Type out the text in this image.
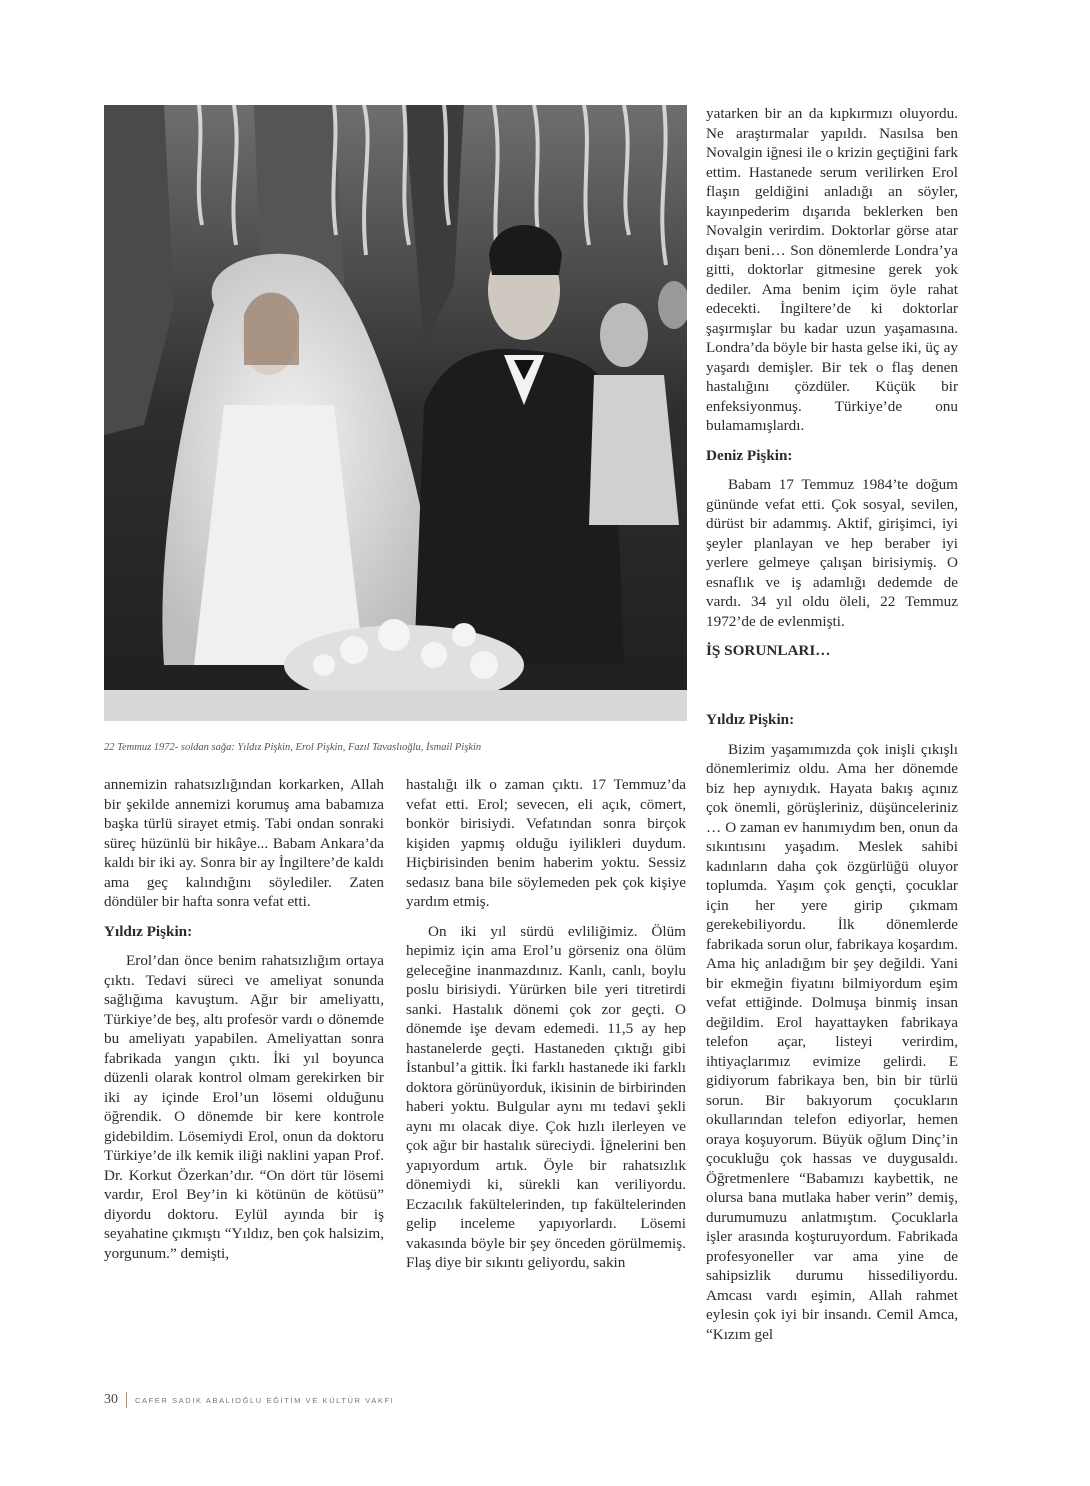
22 Temmuz 1972- soldan sağa: Yıldız Pişkin, Erol Pişkin, Fazıl Tavaslıoğlu, İsmail Pişkin

yatarken bir an da kıpkırmızı oluyordu. Ne araştırmalar yapıldı. Nasılsa ben Novalgin iğnesi ile o krizin geçtiğini fark ettim. Hastanede serum verilirken Erol flaşın geldiğini anladığı an söyler, kayınpederim dışarıda beklerken ben Novalgin verirdim. Doktorlar görse atar dışarı beni… Son dönemlerde Londra’ya gitti, doktorlar gitmesine gerek yok dediler. Ama benim içim öyle rahat edecekti. İngiltere’de ki doktorlar şaşırmışlar bu kadar uzun yaşamasına. Londra’da böyle bir hasta gelse iki, üç ay yaşardı demişler. Bir tek o flaş denen hastalığını çözdüler. Küçük bir enfeksiyonmuş. Türkiye’de onu bulamamışlardı.

Deniz Pişkin:

Babam 17 Temmuz 1984’te doğum gününde vefat etti. Çok sosyal, sevilen, dürüst bir adammış. Aktif, girişimci, iyi şeyler planlayan ve hep beraber iyi yerlere gelmeye çalışan birisiymiş. O esnaflık ve iş adamlığı dedemde de vardı. 34 yıl oldu öleli, 22 Temmuz 1972’de de evlenmişti.

İŞ SORUNLARI…
Yıldız Pişkin:

Bizim yaşamımızda çok inişli çıkışlı dönemlerimiz oldu. Ama her dönemde biz hep aynıydık. Hayata bakış açınız çok önemli, görüşleriniz, düşünceleriniz … O zaman ev hanımıydım ben, onun da sıkıntısını yaşadım. Meslek sahibi kadınların daha çok özgürlüğü oluyor toplumda. Yaşım çok gençti, çocuklar için her yere girip çıkmam gerekebiliyordu. İlk dönemlerde fabrikada sorun olur, fabrikaya koşardım. Ama hiç anladığım bir şey değildi. Yani bir ekmeğin fiyatını bilmiyordum eşim vefat ettiğinde. Dolmuşa binmiş insan değildim. Erol hayattayken fabrikaya telefon açar, listeyi verirdim, ihtiyaçlarımız evimize gelirdi. E gidiyorum fabrikaya ben, bin bir türlü sorun. Bir bakıyorum çocukların okullarından telefon ediyorlar, hemen oraya koşuyorum. Büyük oğlum Dinç’in çocukluğu çok hassas ve duygusaldı. Öğretmenlere “Babamızı kaybettik, ne olursa bana mutlaka haber verin” demiş, durumumuzu anlatmıştım. Çocuklarla işler arasında koşturuyordum. Fabrikada profesyoneller var ama yine de sahipsizlik durumu hissediliyordu. Amcası vardı eşimin, Allah rahmet eylesin çok iyi bir insandı. Cemil Amca, “Kızım gel

annemizin rahatsızlığından korkarken, Allah bir şekilde annemizi korumuş ama babamıza başka türlü sirayet etmiş. Tabi ondan sonraki süreç hüzünlü bir hikâye... Babam Ankara’da kaldı bir iki ay. Sonra bir ay İngiltere’de kaldı ama geç kalındığını söylediler. Zaten döndüler bir hafta sonra vefat etti.

Yıldız Pişkin:

Erol’dan önce benim rahatsızlığım ortaya çıktı. Tedavi süreci ve ameliyat sonunda sağlığıma kavuştum. Ağır bir ameliyattı, Türkiye’de beş, altı profesör vardı o dönemde bu ameliyatı yapabilen. Ameliyattan sonra fabrikada yangın çıktı. İki yıl boyunca düzenli olarak kontrol olmam gerekirken bir iki ay içinde Erol’un lösemi olduğunu öğrendik. O dönemde bir kere kontrole gidebildim. Lösemiydi Erol, onun da doktoru Türkiye’de ilk kemik iliği naklini yapan Prof. Dr. Korkut Özerkan’dır. “On dört tür lösemi vardır, Erol Bey’in ki kötünün de kötüsü” diyordu doktoru. Eylül ayında bir iş seyahatine çıkmıştı “Yıldız, ben çok halsizim, yorgunum.” demişti,

hastalığı ilk o zaman çıktı. 17 Temmuz’da vefat etti. Erol; sevecen, eli açık, cömert, bonkör birisiydi. Vefatından sonra birçok kişiden yapmış olduğu iyilikleri duydum. Hiçbirisinden benim haberim yoktu. Sessiz sedasız bana bile söylemeden pek çok kişiye yardım etmiş.

On iki yıl sürdü evliliğimiz. Ölüm hepimiz için ama Erol’u görseniz ona ölüm geleceğine inanmazdınız. Kanlı, canlı, boylu poslu birisiydi. Yürürken bile yeri titretirdi sanki. Hastalık dönemi çok zor geçti. O dönemde işe devam edemedi. 11,5 ay hep hastanelerde geçti. Hastaneden çıktığı gibi İstanbul’a gittik. İki farklı hastanede iki farklı doktora görünüyorduk, ikisinin de birbirinden haberi yoktu. Bulgular aynı mı tedavi şekli aynı mı olacak diye. Çok hızlı ilerleyen ve çok ağır bir hastalık süreciydi. İğnelerini ben yapıyordum artık. Öyle bir rahatsızlık dönemiydi ki, sürekli kan veriliyordu. Eczacılık fakültelerinden, tıp fakültelerinden gelip inceleme yapıyorlardı. Lösemi vakasında böyle bir şey önceden görülmemiş. Flaş diye bir sıkıntı geliyordu, sakin

30 CAFER SADIK ABALIOĞLU EĞİTİM VE KÜLTÜR VAKFI
